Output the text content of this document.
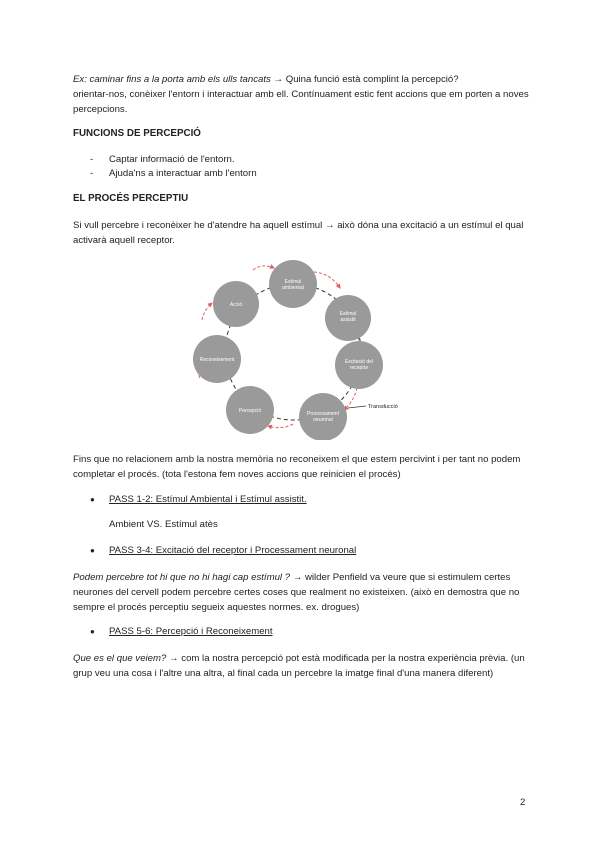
Ex: caminar fins a la porta amb els ulls tancats → Quina funció està complint la percepció?
orientar-nos, conèixer l'entorn i interactuar amb ell. Contínuament estic fent accions que em porten a noves percepcions.

FUNCIONS DE PERCEPCIÓ

- Captar informació de l'entorn.
- Ajuda'ns a interactuar amb l'entorn

EL PROCÉS PERCEPTIU

Si vull percebre i reconèixer he d'atendre ha aquell estímul → això dóna una excitació a un estímul el qual activarà aquell receptor.

Estímul
ambiental
Estímul
assistit
Excitació del
receptor
Processament
neuronal
Percepció
Reconeixement
Acció
Transducció

Fins que no relacionem amb la nostra memòria no reconeixem el que estem percivint i per tant no podem completar el procés. (tota l'estona fem noves accions que reinicien el procés)

● PASS 1-2: Estímul Ambiental i Estímul assistit.
Ambient VS. Estímul atès
● PASS 3-4: Excitació del receptor i Processament neuronal

Podem percebre tot hi que no hi hagi cap estímul ? → wilder Penfield va veure que si estimulem certes neurones del cervell podem percebre certes coses que realment no existeixen. (això en demostra que no sempre el procés perceptiu segueix aquestes normes. ex. drogues)

● PASS 5-6: Percepció i Reconeixement

Que es el que veiem? → com la nostra percepció pot està modificada per la nostra experiència prèvia. (un grup veu una cosa i l'altre una altra, al final cada un percebre la imatge final d'una manera diferent)

2
